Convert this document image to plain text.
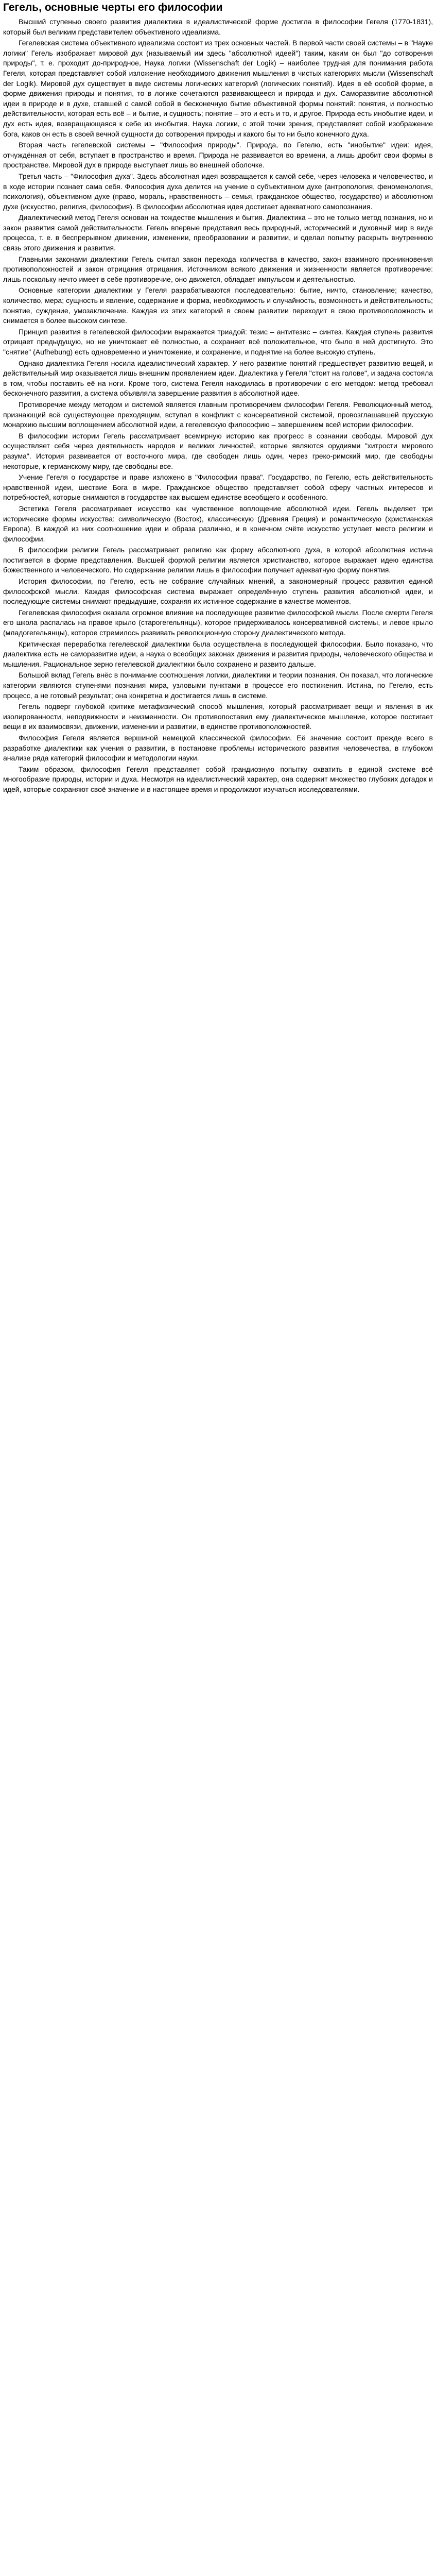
Гегель, основные черты его философии

Высший ступенью своего развития диалектика в идеалистической форме достигла в философии Гегеля (1770-1831), который был великим представителем объективного идеализма.

Гегелевская система объективного идеализма состоит из трех основных частей. В первой части своей системы – в "Науке логики" Гегель изображает мировой дух (называемый им здесь "абсолютной идеей") таким, каким он был "до сотворения природы", т. е. проходит до-природное, Наука логики (Wissenschaft der Logik) – наиболее трудная для понимания работа Гегеля, которая представляет собой изложение необходимого движения мышления в чистых категориях мысли (Wissenschaft der Logik). Мировой дух существует в виде системы логических категорий (логических понятий). Идея в её особой форме, в форме движения природы и понятия, то в логике сочетаются развивающееся и природа и дух. Саморазвитие абсолютной идеи в природе и в духе, ставшей с самой собой в бесконечную бытие объективной формы понятий: понятия, и полностью действительности, которая есть всё – и бытие, и сущность; понятие – это и есть и то, и другое. Природа есть инобытие идеи, и дух есть идея, возвращающаяся к себе из инобытия. Наука логики, с этой точки зрения, представляет собой изображение бога, каков он есть в своей вечной сущности до сотворения природы и какого бы то ни было конечного духа.

Вторая часть гегелевской системы – "Философия природы". Природа, по Гегелю, есть "инобытие" идеи: идея, отчуждённая от себя, вступает в пространство и время. Природа не развивается во времени, а лишь дробит свои формы в пространстве. Мировой дух в природе выступает лишь во внешней оболочке.

Третья часть – "Философия духа". Здесь абсолютная идея возвращается к самой себе, через человека и человечество, и в ходе истории познает сама себя. Философия духа делится на учение о субъективном духе (антропология, феноменология, психология), объективном духе (право, мораль, нравственность – семья, гражданское общество, государство) и абсолютном духе (искусство, религия, философия). В философии абсолютная идея достигает адекватного самопознания.

Диалектический метод Гегеля основан на тождестве мышления и бытия. Диалектика – это не только метод познания, но и закон развития самой действительности. Гегель впервые представил весь природный, исторический и духовный мир в виде процесса, т. е. в беспрерывном движении, изменении, преобразовании и развитии, и сделал попытку раскрыть внутреннюю связь этого движения и развития.

Главными законами диалектики Гегель считал закон перехода количества в качество, закон взаимного проникновения противоположностей и закон отрицания отрицания. Источником всякого движения и жизненности является противоречие: лишь поскольку нечто имеет в себе противоречие, оно движется, обладает импульсом и деятельностью.

Основные категории диалектики у Гегеля разрабатываются последовательно: бытие, ничто, становление; качество, количество, мера; сущность и явление, содержание и форма, необходимость и случайность, возможность и действительность; понятие, суждение, умозаключение. Каждая из этих категорий в своем развитии переходит в свою противоположность и снимается в более высоком синтезе.

Принцип развития в гегелевской философии выражается триадой: тезис – антитезис – синтез. Каждая ступень развития отрицает предыдущую, но не уничтожает её полностью, а сохраняет всё положительное, что было в ней достигнуто. Это "снятие" (Aufhebung) есть одновременно и уничтожение, и сохранение, и поднятие на более высокую ступень.

Однако диалектика Гегеля носила идеалистический характер. У него развитие понятий предшествует развитию вещей, и действительный мир оказывается лишь внешним проявлением идеи. Диалектика у Гегеля "стоит на голове", и задача состояла в том, чтобы поставить её на ноги. Кроме того, система Гегеля находилась в противоречии с его методом: метод требовал бесконечного развития, а система объявляла завершение развития в абсолютной идее.

Противоречие между методом и системой является главным противоречием философии Гегеля. Революционный метод, признающий всё существующее преходящим, вступал в конфликт с консервативной системой, провозглашавшей прусскую монархию высшим воплощением абсолютной идеи, а гегелевскую философию – завершением всей истории философии.

В философии истории Гегель рассматривает всемирную историю как прогресс в сознании свободы. Мировой дух осуществляет себя через деятельность народов и великих личностей, которые являются орудиями "хитрости мирового разума". История развивается от восточного мира, где свободен лишь один, через греко-римский мир, где свободны некоторые, к германскому миру, где свободны все.

Учение Гегеля о государстве и праве изложено в "Философии права". Государство, по Гегелю, есть действительность нравственной идеи, шествие Бога в мире. Гражданское общество представляет собой сферу частных интересов и потребностей, которые снимаются в государстве как высшем единстве всеобщего и особенного.

Эстетика Гегеля рассматривает искусство как чувственное воплощение абсолютной идеи. Гегель выделяет три исторические формы искусства: символическую (Восток), классическую (Древняя Греция) и романтическую (христианская Европа). В каждой из них соотношение идеи и образа различно, и в конечном счёте искусство уступает место религии и философии.

В философии религии Гегель рассматривает религию как форму абсолютного духа, в которой абсолютная истина постигается в форме представления. Высшей формой религии является христианство, которое выражает идею единства божественного и человеческого. Но содержание религии лишь в философии получает адекватную форму понятия.

История философии, по Гегелю, есть не собрание случайных мнений, а закономерный процесс развития единой философской мысли. Каждая философская система выражает определённую ступень развития абсолютной идеи, и последующие системы снимают предыдущие, сохраняя их истинное содержание в качестве моментов.

Гегелевская философия оказала огромное влияние на последующее развитие философской мысли. После смерти Гегеля его школа распалась на правое крыло (старогегельянцы), которое придерживалось консервативной системы, и левое крыло (младогегельянцы), которое стремилось развивать революционную сторону диалектического метода.

Критическая переработка гегелевской диалектики была осуществлена в последующей философии. Было показано, что диалектика есть не саморазвитие идеи, а наука о всеобщих законах движения и развития природы, человеческого общества и мышления. Рациональное зерно гегелевской диалектики было сохранено и развито дальше.

Большой вклад Гегель внёс в понимание соотношения логики, диалектики и теории познания. Он показал, что логические категории являются ступенями познания мира, узловыми пунктами в процессе его постижения. Истина, по Гегелю, есть процесс, а не готовый результат; она конкретна и достигается лишь в системе.

Гегель подверг глубокой критике метафизический способ мышления, который рассматривает вещи и явления в их изолированности, неподвижности и неизменности. Он противопоставил ему диалектическое мышление, которое постигает вещи в их взаимосвязи, движении, изменении и развитии, в единстве противоположностей.

Философия Гегеля является вершиной немецкой классической философии. Её значение состоит прежде всего в разработке диалектики как учения о развитии, в постановке проблемы исторического развития человечества, в глубоком анализе ряда категорий философии и методологии науки.

Таким образом, философия Гегеля представляет собой грандиозную попытку охватить в единой системе всё многообразие природы, истории и духа. Несмотря на идеалистический характер, она содержит множество глубоких догадок и идей, которые сохраняют своё значение и в настоящее время и продолжают изучаться исследователями.
